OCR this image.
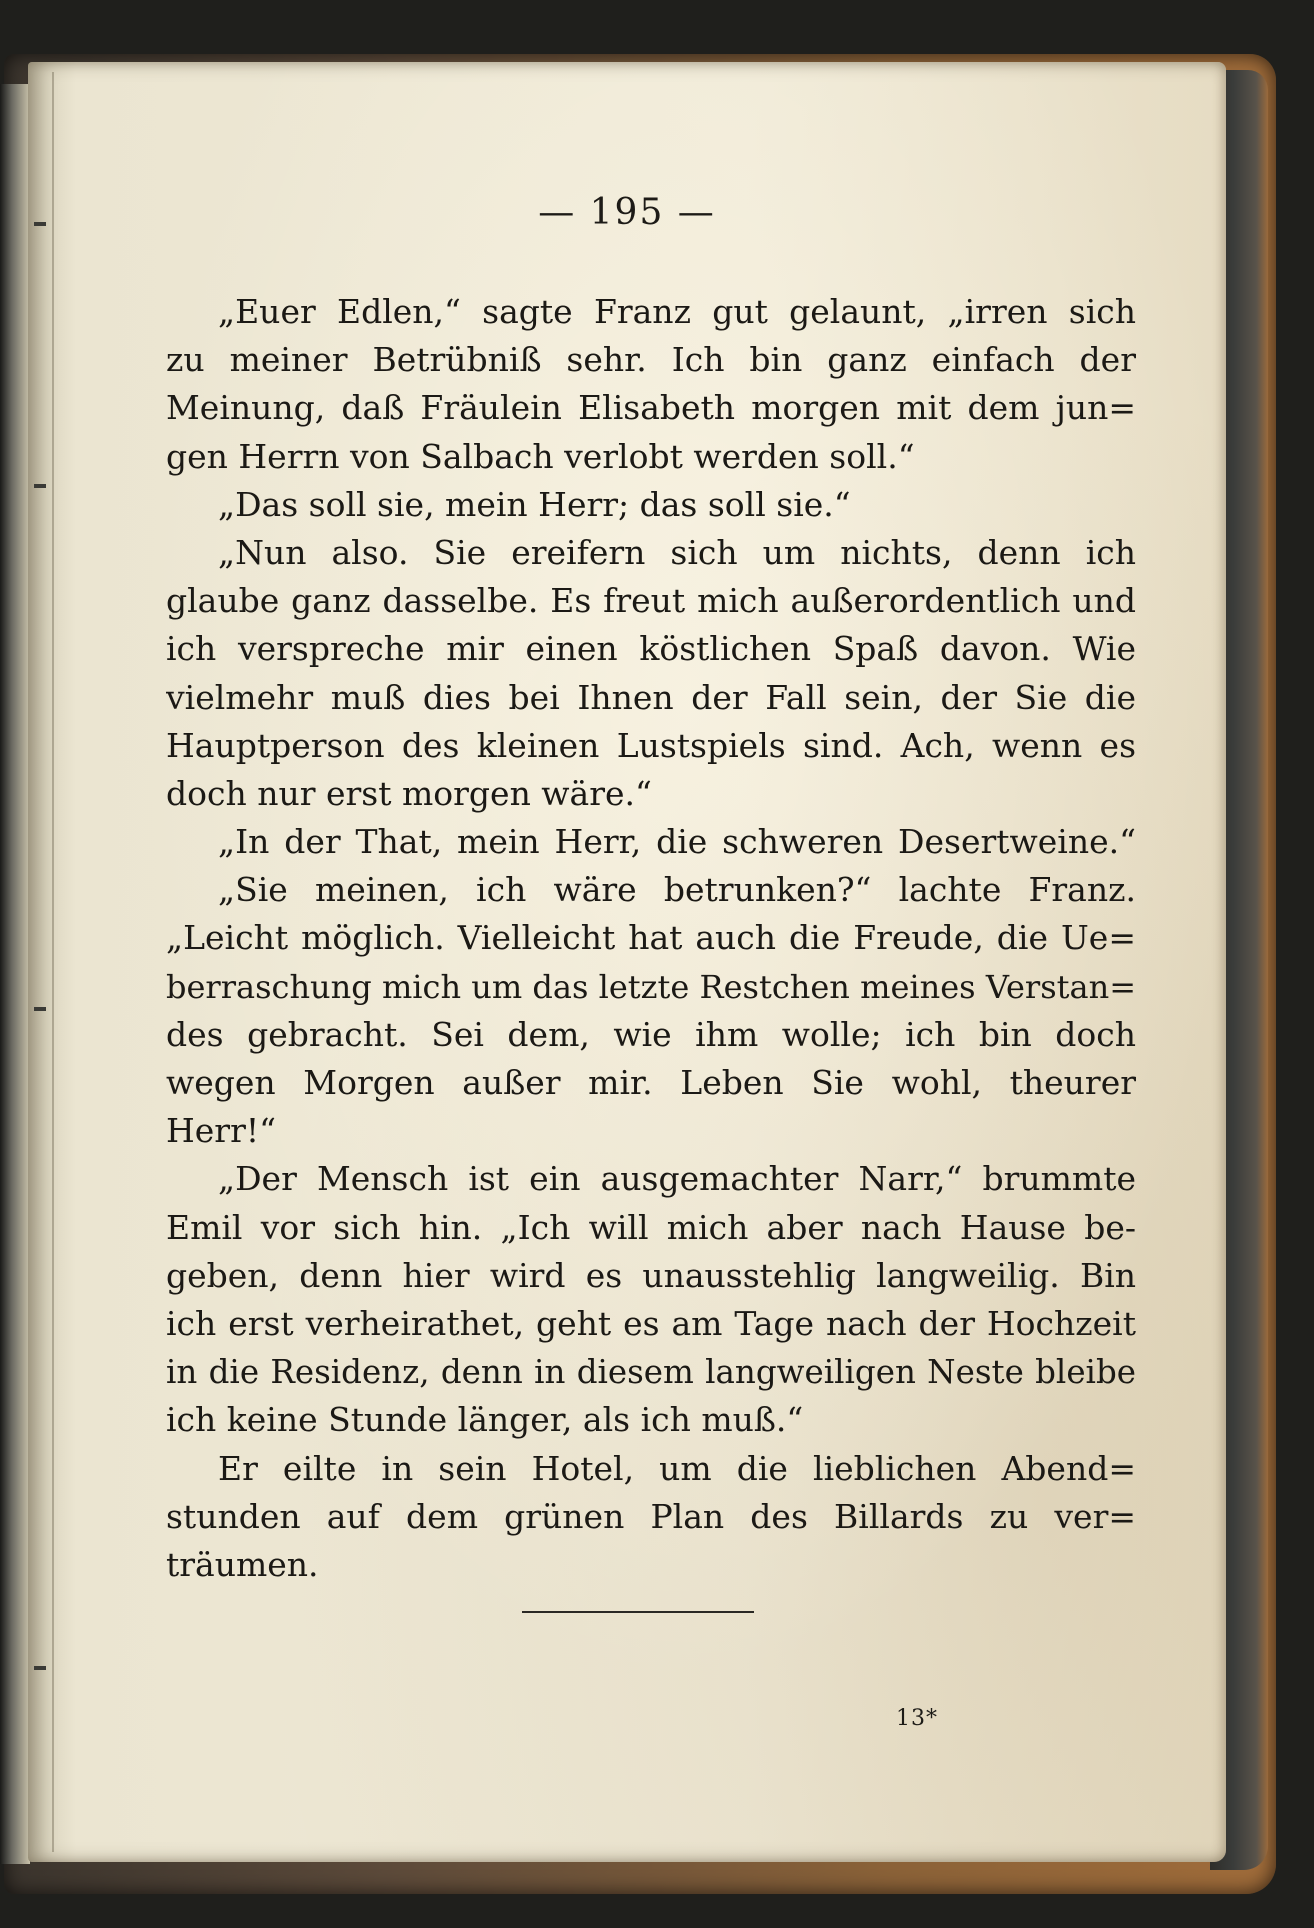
— 195 —
„Euer Edlen,“ sagte Franz gut gelaunt, „irren sich
zu meiner Betrübniß sehr. Ich bin ganz einfach der
Meinung, daß Fräulein Elisabeth morgen mit dem jun=
gen Herrn von Salbach verlobt werden soll.“
„Das soll sie, mein Herr; das soll sie.“
„Nun also. Sie ereifern sich um nichts, denn ich
glaube ganz dasselbe. Es freut mich außerordentlich und
ich verspreche mir einen köstlichen Spaß davon. Wie
vielmehr muß dies bei Ihnen der Fall sein, der Sie die
Hauptperson des kleinen Lustspiels sind. Ach, wenn es
doch nur erst morgen wäre.“
„In der That, mein Herr, die schweren Desertweine.“
„Sie meinen, ich wäre betrunken?“ lachte Franz.
„Leicht möglich. Vielleicht hat auch die Freude, die Ue=
berraschung mich um das letzte Restchen meines Verstan=
des gebracht. Sei dem, wie ihm wolle; ich bin doch
wegen Morgen außer mir. Leben Sie wohl, theurer
Herr!“
„Der Mensch ist ein ausgemachter Narr,“ brummte
Emil vor sich hin. „Ich will mich aber nach Hause be-
geben, denn hier wird es unausstehlig langweilig. Bin
ich erst verheirathet, geht es am Tage nach der Hochzeit
in die Residenz, denn in diesem langweiligen Neste bleibe
ich keine Stunde länger, als ich muß.“
Er eilte in sein Hotel, um die lieblichen Abend=
stunden auf dem grünen Plan des Billards zu ver=
träumen.
13*
